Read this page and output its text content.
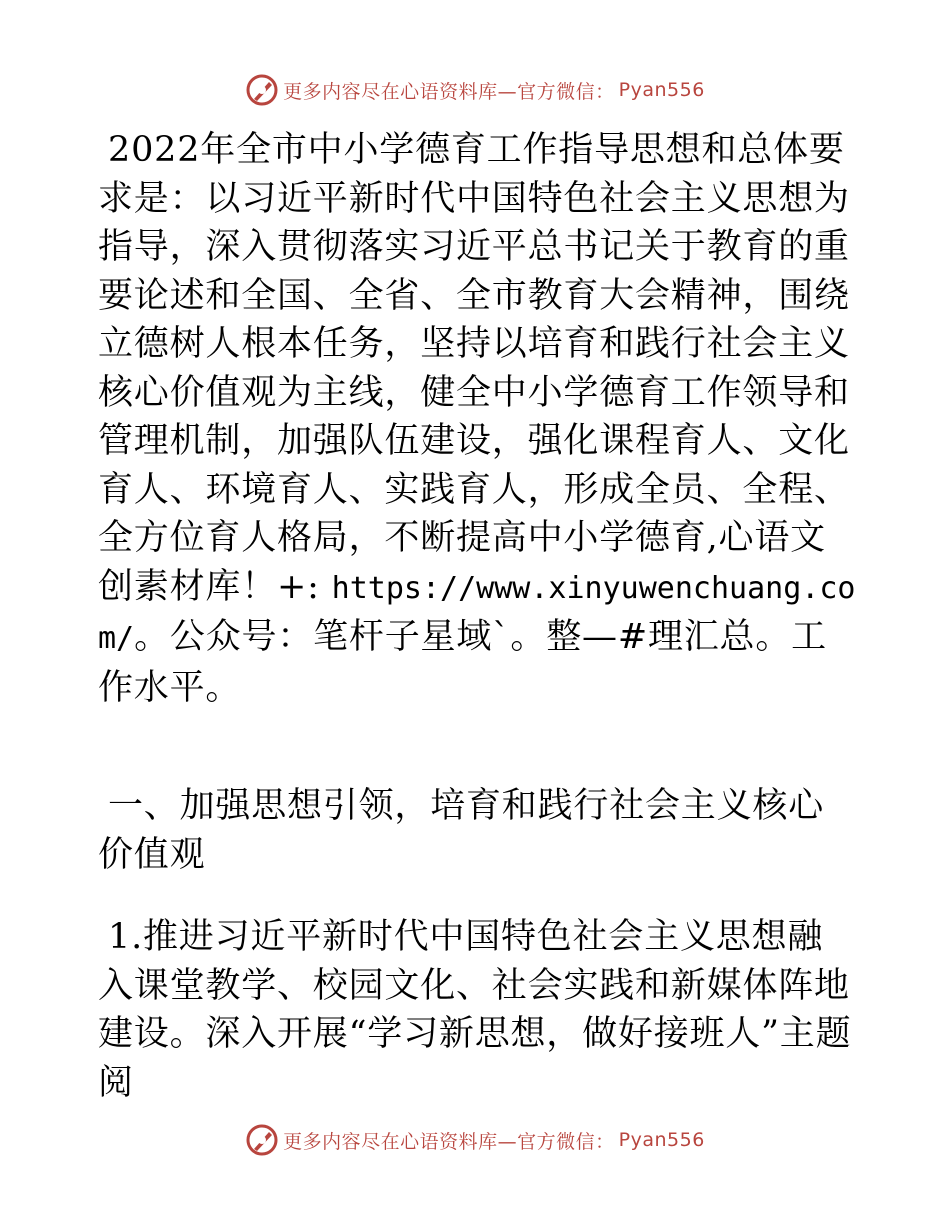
更多内容尽在心语资料库—官方微信： Pyan556

2022年全市中小学德育工作指导思想和总体要求是：以习近平新时代中国特色社会主义思想为指导，深入贯彻落实习近平总书记关于教育的重要论述和全国、全省、全市教育大会精神，围绕立德树人根本任务，坚持以培育和践行社会主义核心价值观为主线，健全中小学德育工作领导和管理机制，加强队伍建设，强化课程育人、文化育人、环境育人、实践育人，形成全员、全程、全方位育人格局，不断提高中小学德育,心语文创素材库！+: https://www.xinyuwenchuang.com/。公众号：笔杆子星域`。整—#理汇总。工作水平。

一、加强思想引领，培育和践行社会主义核心价值观

1.推进习近平新时代中国特色社会主义思想融入课堂教学、校园文化、社会实践和新媒体阵地建设。深入开展“学习新思想，做好接班人”主题阅

更多内容尽在心语资料库—官方微信： Pyan556
